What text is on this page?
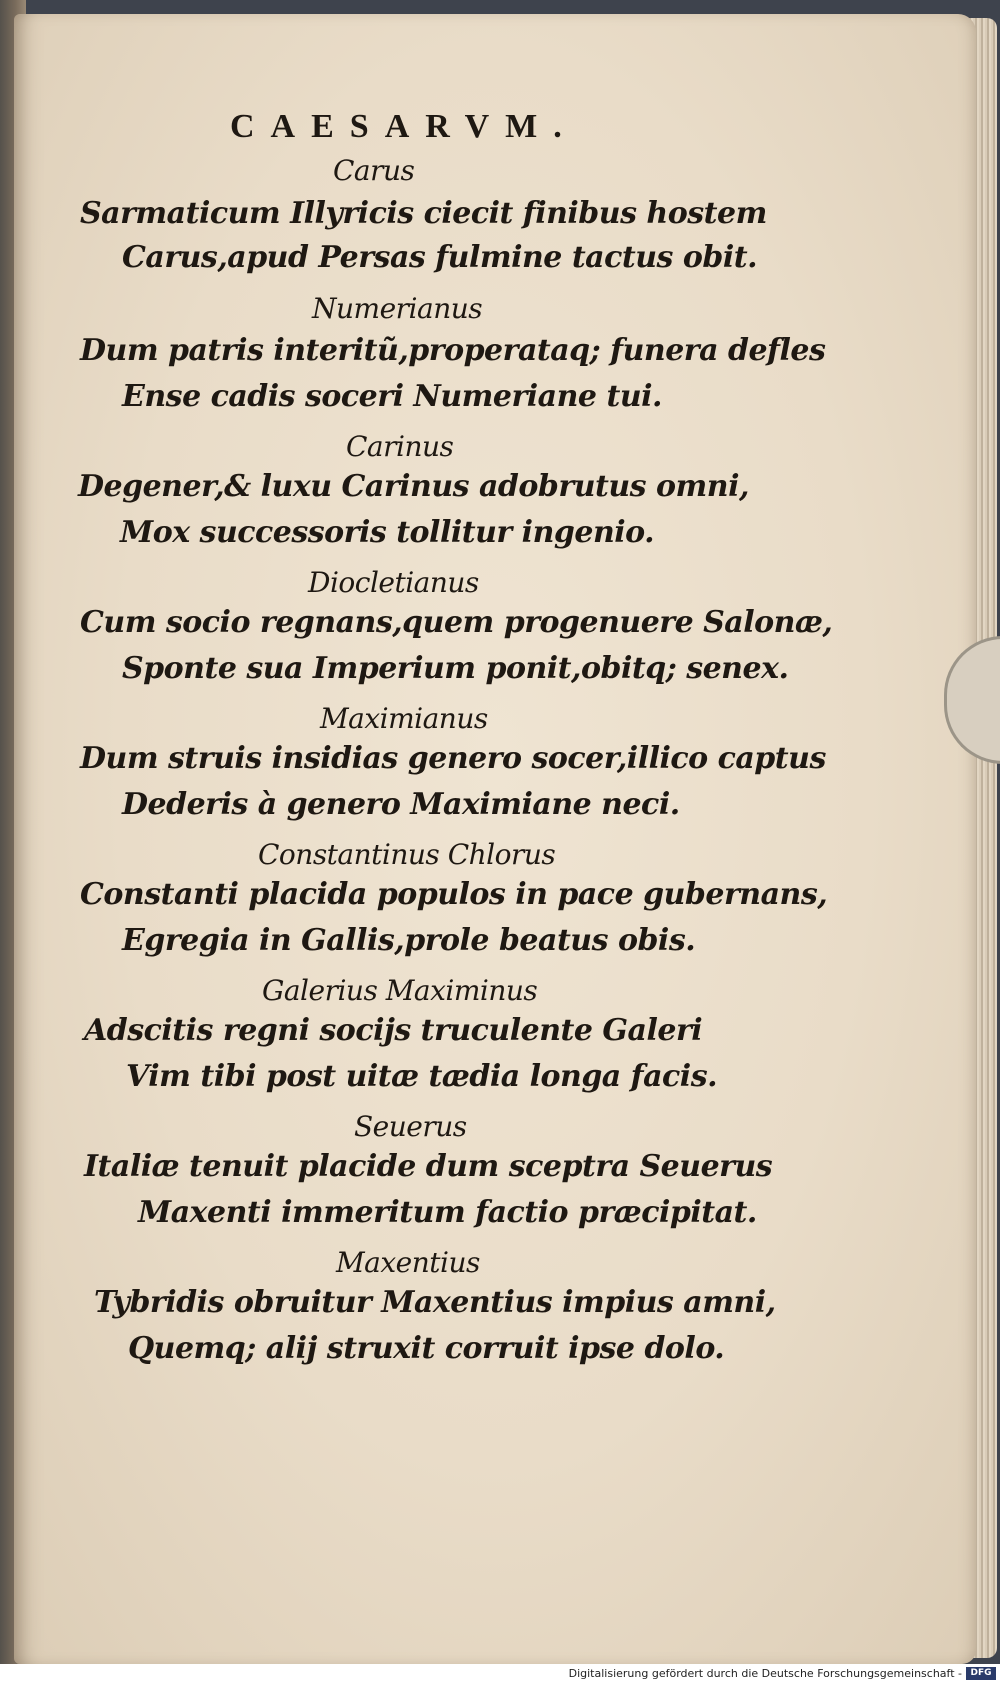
CAESARVM.
Carus
Sarmaticum Illyricis ciecit finibus hostem
Carus,apud Persas fulmine tactus obit.
Numerianus
Dum patris interitũ,properataq; funera defles
Ense cadis soceri Numeriane tui.
Carinus
Degener,& luxu Carinus adobrutus omni,
Mox successoris tollitur ingenio.
Diocletianus
Cum socio regnans,quem progenuere Salonæ,
Sponte sua Imperium ponit,obitq; senex.
Maximianus
Dum struis insidias genero socer,illico captus
Dederis à genero Maximiane neci.
Constantinus Chlorus
Constanti placida populos in pace gubernans,
Egregia in Gallis,prole beatus obis.
Galerius Maximinus
Adscitis regni socijs truculente Galeri
Vim tibi post uitæ tædia longa facis.
Seuerus
Italiæ tenuit placide dum sceptra Seuerus
Maxenti immeritum factio præcipitat.
Maxentius
Tybridis obruitur Maxentius impius amni,
Quemq; alij struxit corruit ipse dolo.
Digitalisierung gefördert durch die Deutsche Forschungsgemeinschaft - DFG
